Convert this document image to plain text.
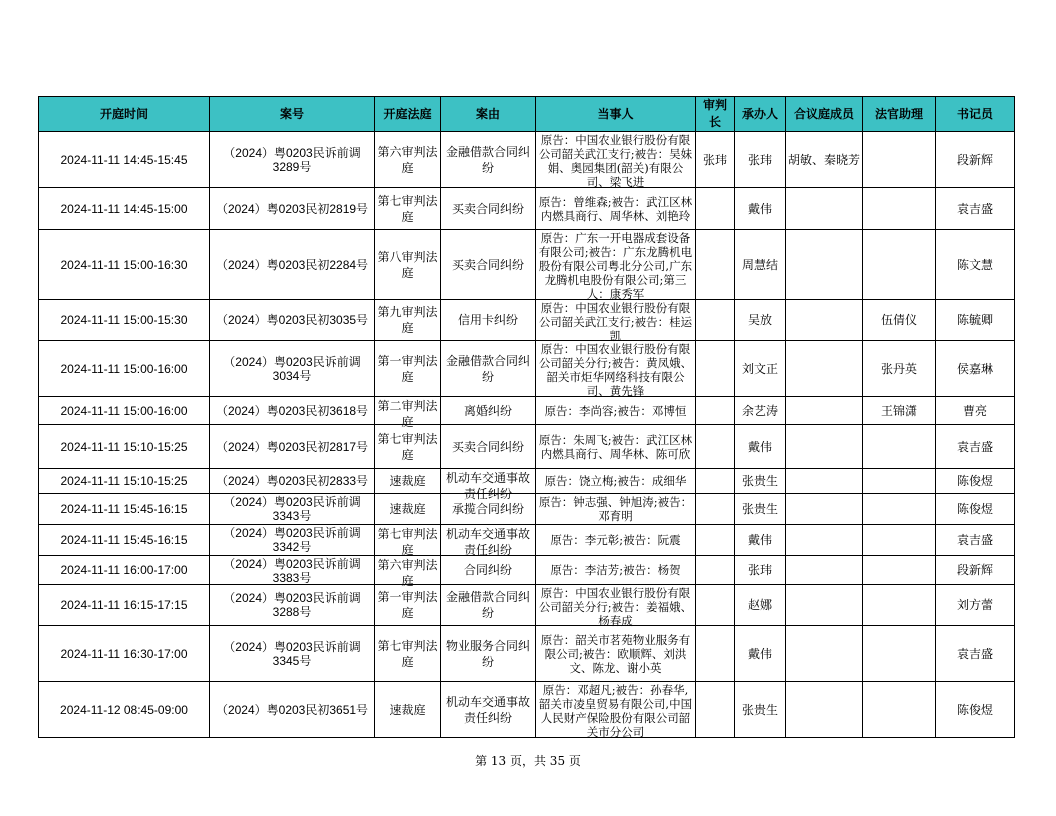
开庭时间	案号	开庭法庭	案由	当事人	审判长	承办人	合议庭成员	法官助理	书记员

2024-11-11 14:45-15:45	（2024）粤0203民诉前调3289号	第六审判法庭	金融借款合同纠纷	原告：中国农业银行股份有限公司韶关武江支行;被告：吴妹娟、奥园集团(韶关)有限公司、梁飞进	张玮	张玮	胡敏、秦晓芳		段新辉

2024-11-11 14:45-15:00	（2024）粤0203民初2819号	第七审判法庭	买卖合同纠纷	原告：曾维森;被告：武江区林内燃具商行、周华林、刘艳玲		戴伟			袁吉盛

2024-11-11 15:00-16:30	（2024）粤0203民初2284号	第八审判法庭	买卖合同纠纷	原告：广东一开电器成套设备有限公司;被告：广东龙腾机电股份有限公司粤北分公司,广东龙腾机电股份有限公司;第三人：康秀军		周慧结			陈文慧

2024-11-11 15:00-15:30	（2024）粤0203民初3035号	第九审判法庭	信用卡纠纷	原告：中国农业银行股份有限公司韶关武江支行;被告：桂运凯		吴放		伍倩仪	陈毓卿

2024-11-11 15:00-16:00	（2024）粤0203民诉前调3034号	第一审判法庭	金融借款合同纠纷	原告：中国农业银行股份有限公司韶关分行;被告：黄凤娥、韶关市炬华网络科技有限公司、黄先锋		刘文正		张丹英	侯嘉琳

2024-11-11 15:00-16:00	（2024）粤0203民初3618号	第二审判法庭	离婚纠纷	原告：李尚容;被告：邓博恒		余艺涛		王锦潇	曹亮

2024-11-11 15:10-15:25	（2024）粤0203民初2817号	第七审判法庭	买卖合同纠纷	原告：朱周飞;被告：武江区林内燃具商行、周华林、陈可欣		戴伟			袁吉盛

2024-11-11 15:10-15:25	（2024）粤0203民初2833号	速裁庭	机动车交通事故责任纠纷	原告：饶立梅;被告：成细华		张贵生			陈俊煜

2024-11-11 15:45-16:15	（2024）粤0203民诉前调3343号	速裁庭	承揽合同纠纷	原告：钟志强、钟旭涛;被告：邓育明		张贵生			陈俊煜

2024-11-11 15:45-16:15	（2024）粤0203民诉前调3342号	第七审判法庭	机动车交通事故责任纠纷	原告：李元彰;被告：阮震		戴伟			袁吉盛

2024-11-11 16:00-17:00	（2024）粤0203民诉前调3383号	第六审判法庭	合同纠纷	原告：李洁芳;被告：杨贺		张玮			段新辉

2024-11-11 16:15-17:15	（2024）粤0203民诉前调3288号	第一审判法庭	金融借款合同纠纷	原告：中国农业银行股份有限公司韶关分行;被告：姜福娥、杨春成		赵娜			刘方蕾

2024-11-11 16:30-17:00	（2024）粤0203民诉前调3345号	第七审判法庭	物业服务合同纠纷	原告：韶关市茗苑物业服务有限公司;被告：欧顺辉、刘洪文、陈龙、谢小英		戴伟			袁吉盛

2024-11-12 08:45-09:00	（2024）粤0203民初3651号	速裁庭	机动车交通事故责任纠纷	原告：邓超凡;被告：孙春华,韶关市凌皇贸易有限公司,中国人民财产保险股份有限公司韶关市分公司		张贵生			陈俊煜
第 13 页，共 35 页
